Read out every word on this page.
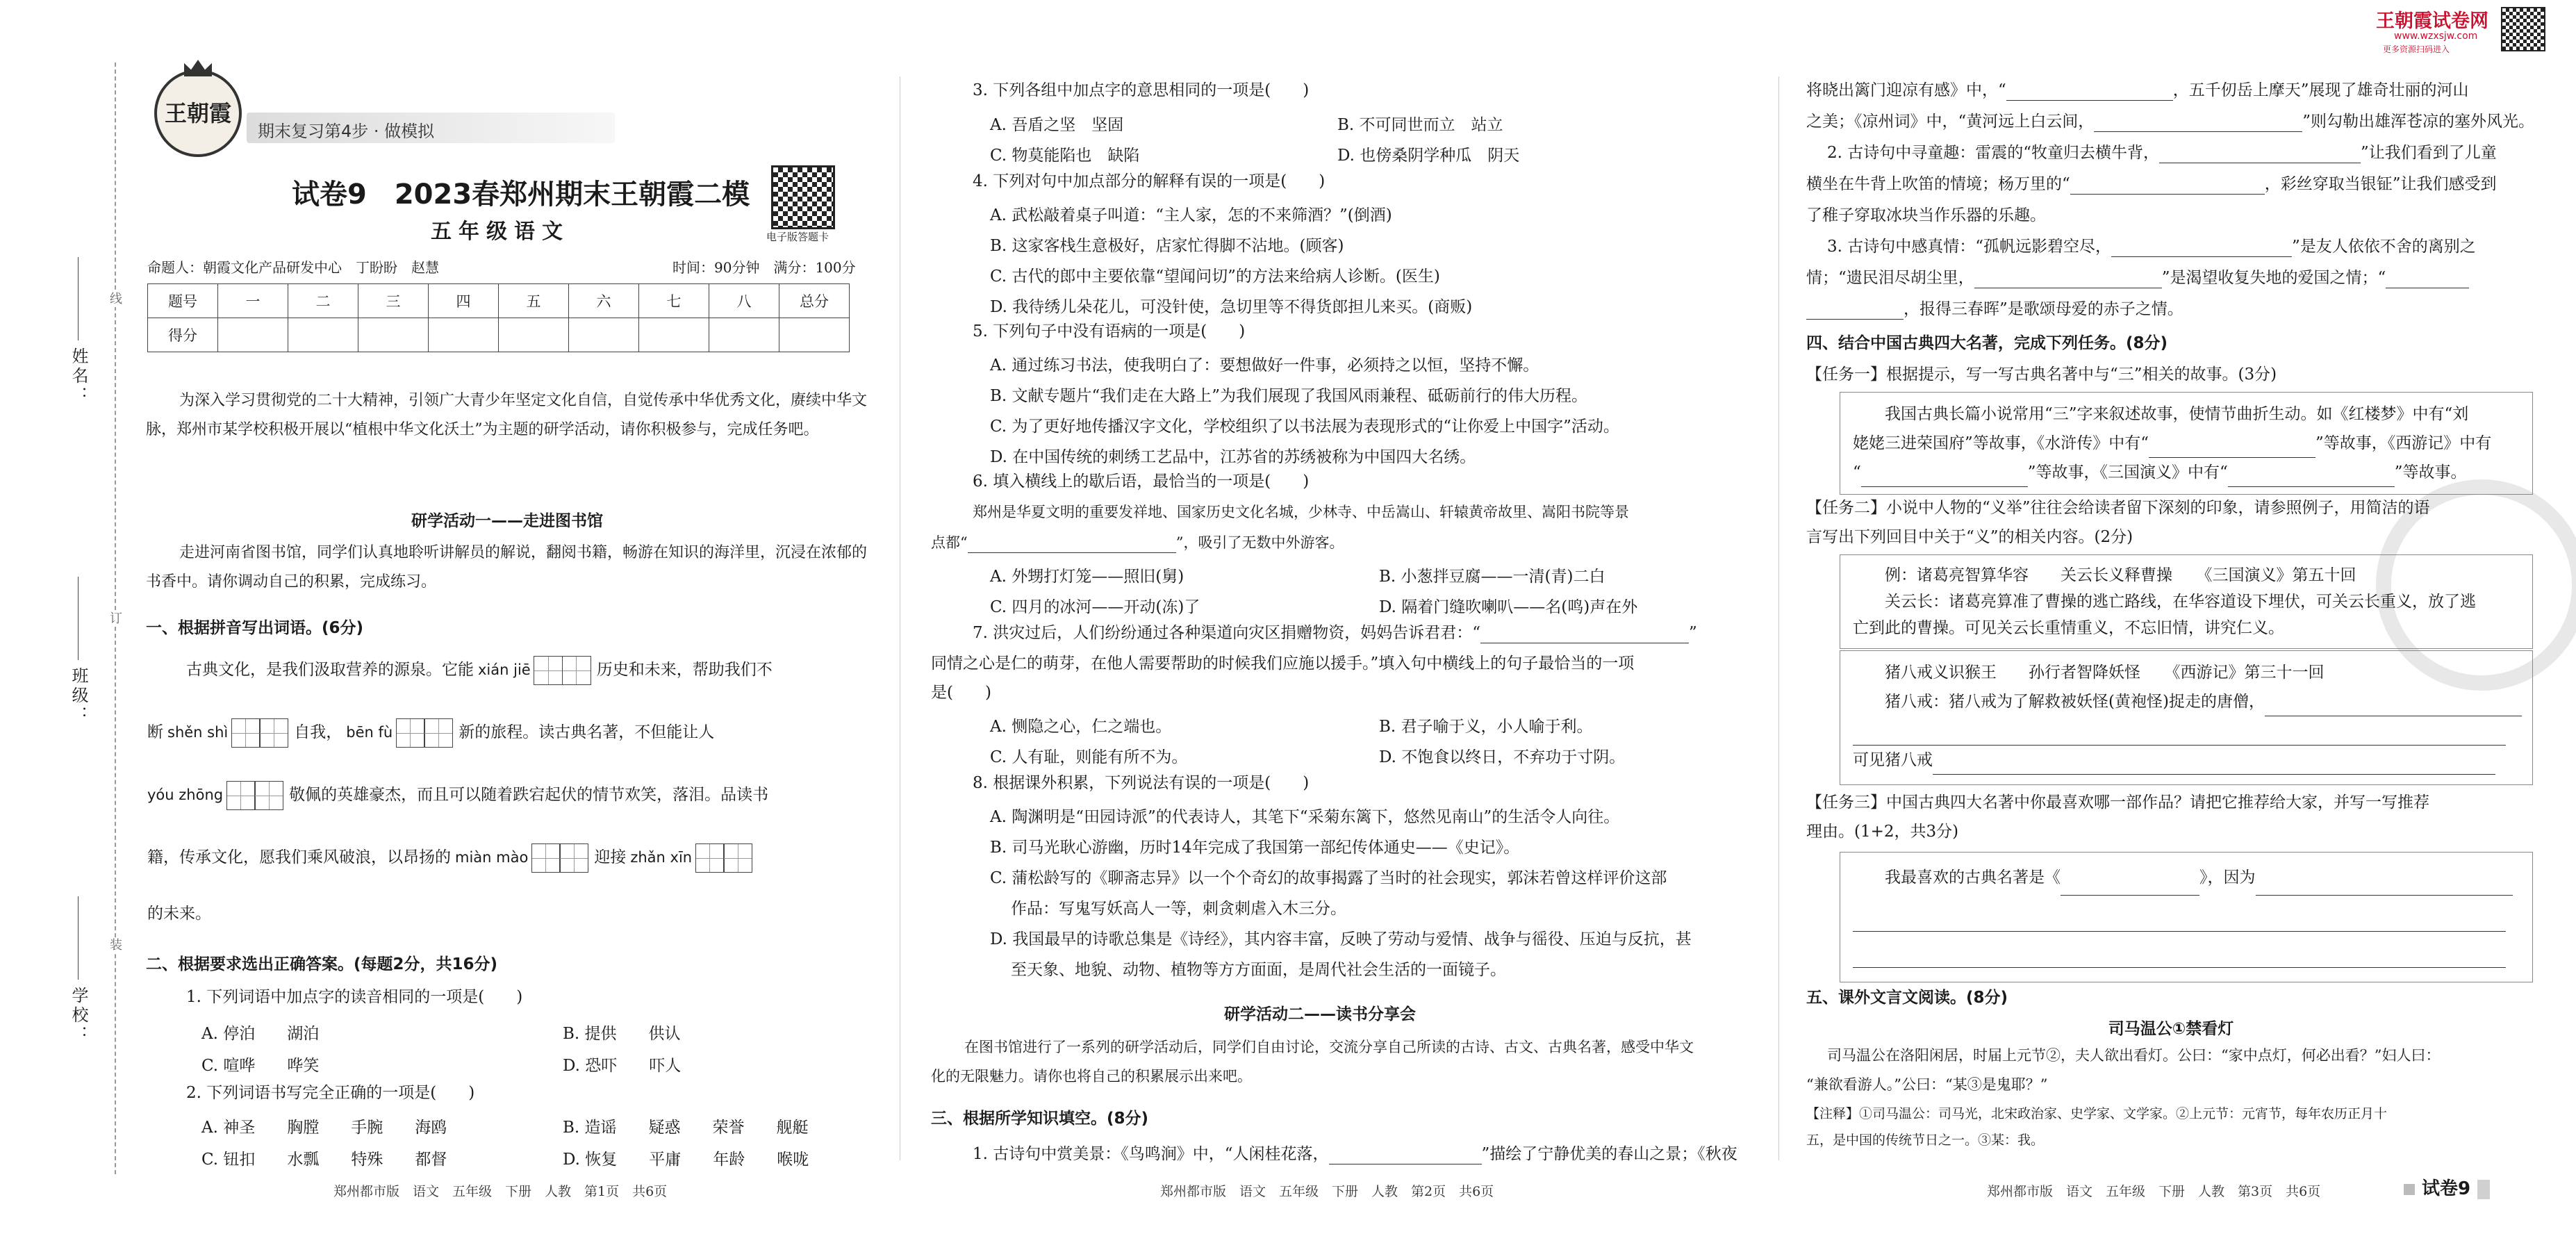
姓名：
班级：
学校：
线
订
装
王朝霞
期末复习第4步 · 做模拟
试卷9　2023春郑州期末王朝霞二模
五年级语文	电子版答题卡
命题人：朝霞文化产品研发中心　丁盼盼　赵慧	时间：90分钟　满分：100分
题号	一	二	三	四	五	六	七	八	总分
得分									

为深入学习贯彻党的二十大精神，引领广大青少年坚定文化自信，自觉传承中华优秀文化，赓续中华文脉，郑州市某学校积极开展以“植根中华文化沃土”为主题的研学活动，请你积极参与，完成任务吧。

研学活动一——走进图书馆

走进河南省图书馆，同学们认真地聆听讲解员的解说，翻阅书籍，畅游在知识的海洋里，沉浸在浓郁的书香中。请你调动自己的积累，完成练习。

一、根据拼音写出词语。(6分)
古典文化，是我们汲取营养的源泉。它能 xián jiē	历史和未来，帮助我们不
断 shěn shì	自我， bēn fù	新的旅程。读古典名著，不但能让人
yóu zhōng	敬佩的英雄豪杰，而且可以随着跌宕起伏的情节欢笑，落泪。品读书
籍，传承文化，愿我们乘风破浪，以昂扬的 miàn mào	迎接 zhǎn xīn
的未来。
二、根据要求选出正确答案。(每题2分，共16分)
1. 下列词语中加点字的读音相同的一项是(　　)
A. 停泊　　湖泊	B. 提供　　供认
C. 喧哗　　哗笑	D. 恐吓　　吓人
2. 下列词语书写完全正确的一项是(　　)
A. 神圣　　胸膛　　手腕　　海鸥	B. 造谣　　疑惑　　荣誉　　舰艇
C. 钮扣　　水瓢　　特殊　　都督	D. 恢复　　平庸　　年龄　　喉咙
郑州都市版　语文　五年级　下册　人教　第1页　共6页
3. 下列各组中加点字的意思相同的一项是(　　)
A. 吾盾之坚　坚固	B. 不可同世而立　站立
C. 物莫能陷也　缺陷	D. 也傍桑阴学种瓜　阴天
4. 下列对句中加点部分的解释有误的一项是(　　)
A. 武松敲着桌子叫道：“主人家，怎的不来筛酒？”(倒酒)
B. 这家客栈生意极好，店家忙得脚不沾地。(顾客)
C. 古代的郎中主要依靠“望闻问切”的方法来给病人诊断。(医生)
D. 我待绣儿朵花儿，可没针使，急切里等不得货郎担儿来买。(商贩)
5. 下列句子中没有语病的一项是(　　)
A. 通过练习书法，使我明白了：要想做好一件事，必须持之以恒，坚持不懈。
B. 文献专题片“我们走在大路上”为我们展现了我国风雨兼程、砥砺前行的伟大历程。
C. 为了更好地传播汉字文化，学校组织了以书法展为表现形式的“让你爱上中国字”活动。
D. 在中国传统的刺绣工艺品中，江苏省的苏绣被称为中国四大名绣。
6. 填入横线上的歇后语，最恰当的一项是(　　)
郑州是华夏文明的重要发祥地、国家历史文化名城，少林寺、中岳嵩山、轩辕黄帝故里、嵩阳书院等景
点都“	”，吸引了无数中外游客。
A. 外甥打灯笼——照旧(舅)	B. 小葱拌豆腐——一清(青)二白
C. 四月的冰河——开动(冻)了	D. 隔着门缝吹喇叭——名(鸣)声在外
7. 洪灾过后，人们纷纷通过各种渠道向灾区捐赠物资，妈妈告诉君君：“	”
同情之心是仁的萌芽，在他人需要帮助的时候我们应施以援手。”填入句中横线上的句子最恰当的一项
是(　　)
A. 恻隐之心，仁之端也。	B. 君子喻于义，小人喻于利。
C. 人有耻，则能有所不为。	D. 不饱食以终日，不弃功于寸阴。
8. 根据课外积累，下列说法有误的一项是(　　)
A. 陶渊明是“田园诗派”的代表诗人，其笔下“采菊东篱下，悠然见南山”的生活令人向往。
B. 司马光耿心游幽，历时14年完成了我国第一部纪传体通史——《史记》。
C. 蒲松龄写的《聊斋志异》以一个个奇幻的故事揭露了当时的社会现实，郭沫若曾这样评价这部
作品：写鬼写妖高人一等，刺贪刺虐入木三分。
D. 我国最早的诗歌总集是《诗经》，其内容丰富，反映了劳动与爱情、战争与徭役、压迫与反抗，甚
至天象、地貌、动物、植物等方方面面，是周代社会生活的一面镜子。
研学活动二——读书分享会

在图书馆进行了一系列的研学活动后，同学们自由讨论，交流分享自己所读的古诗、古文、古典名著，感受中华文化的无限魅力。请你也将自己的积累展示出来吧。

三、根据所学知识填空。(8分)
1. 古诗句中赏美景：《鸟鸣涧》中，“人闲桂花落，	”描绘了宁静优美的春山之景；《秋夜
郑州都市版　语文　五年级　下册　人教　第2页　共6页
王朝霞试卷网
www.wzxsjw.com
更多资源扫码进入
将晓出篱门迎凉有感》中，“	，五千仞岳上摩天”展现了雄奇壮丽的河山
之美；《凉州词》中，“黄河远上白云间，	”则勾勒出雄浑苍凉的塞外风光。
2. 古诗句中寻童趣：雷震的“牧童归去横牛背，	”让我们看到了儿童
横坐在牛背上吹笛的情境；杨万里的“	，彩丝穿取当银钲”让我们感受到
了稚子穿取冰块当作乐器的乐趣。
3. 古诗句中感真情：“孤帆远影碧空尽，	”是友人依依不舍的离别之
情；“遗民泪尽胡尘里，	”是渴望收复失地的爱国之情；“
，报得三春晖”是歌颂母爱的赤子之情。
四、结合中国古典四大名著，完成下列任务。(8分)
【任务一】根据提示，写一写古典名著中与“三”相关的故事。(3分)
我国古典长篇小说常用“三”字来叙述故事，使情节曲折生动。如《红楼梦》中有“刘
姥姥三进荣国府”等故事，《水浒传》中有“	”等故事，《西游记》中有
“	”等故事，《三国演义》中有“	”等故事。
【任务二】小说中人物的“义举”往往会给读者留下深刻的印象，请参照例子，用简洁的语
言写出下列回目中关于“义”的相关内容。(2分)
例：诸葛亮智算华容　　关云长义释曹操　　《三国演义》第五十回
关云长：诸葛亮算准了曹操的逃亡路线，在华容道设下埋伏，可关云长重义，放了逃
亡到此的曹操。可见关云长重情重义，不忘旧情，讲究仁义。
猪八戒义识猴王　　孙行者智降妖怪　　《西游记》第三十一回
猪八戒：猪八戒为了解救被妖怪(黄袍怪)捉走的唐僧，
可见猪八戒
【任务三】中国古典四大名著中你最喜欢哪一部作品？请把它推荐给大家，并写一写推荐
理由。(1+2，共3分)
我最喜欢的古典名著是《	》，因为
五、课外文言文阅读。(8分)
司马温公①禁看灯
司马温公在洛阳闲居，时届上元节②，夫人欲出看灯。公曰：“家中点灯，何必出看？”妇人曰：
“兼欲看游人。”公曰：“某③是鬼耶？”
【注释】①司马温公：司马光，北宋政治家、史学家、文学家。②上元节：元宵节，每年农历正月十
五，是中国的传统节日之一。③某：我。
郑州都市版　语文　五年级　下册　人教　第3页　共6页	试卷9
